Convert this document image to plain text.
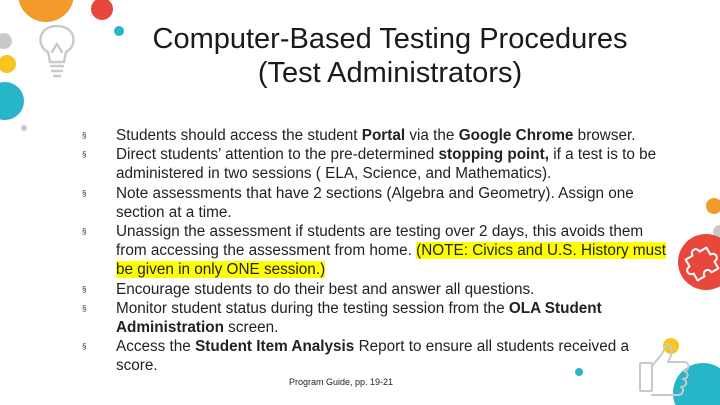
Computer-Based Testing Procedures
(Test Administrators)
§ Students should access the student Portal via the Google Chrome browser.
§ Direct students’ attention to the pre-determined stopping point, if a test is to be administered in two sessions ( ELA, Science, and Mathematics).
§ Note assessments that have 2 sections (Algebra and Geometry). Assign one section at a time.
§ Unassign the assessment if students are testing over 2 days, this avoids them from accessing the assessment from home. (NOTE: Civics and U.S. History must be given in only ONE session.)
§ Encourage students to do their best and answer all questions.
§ Monitor student status during the testing session from the OLA Student Administration screen.
§ Access the Student Item Analysis Report to ensure all students received a score.
Program Guide, pp. 19-21
